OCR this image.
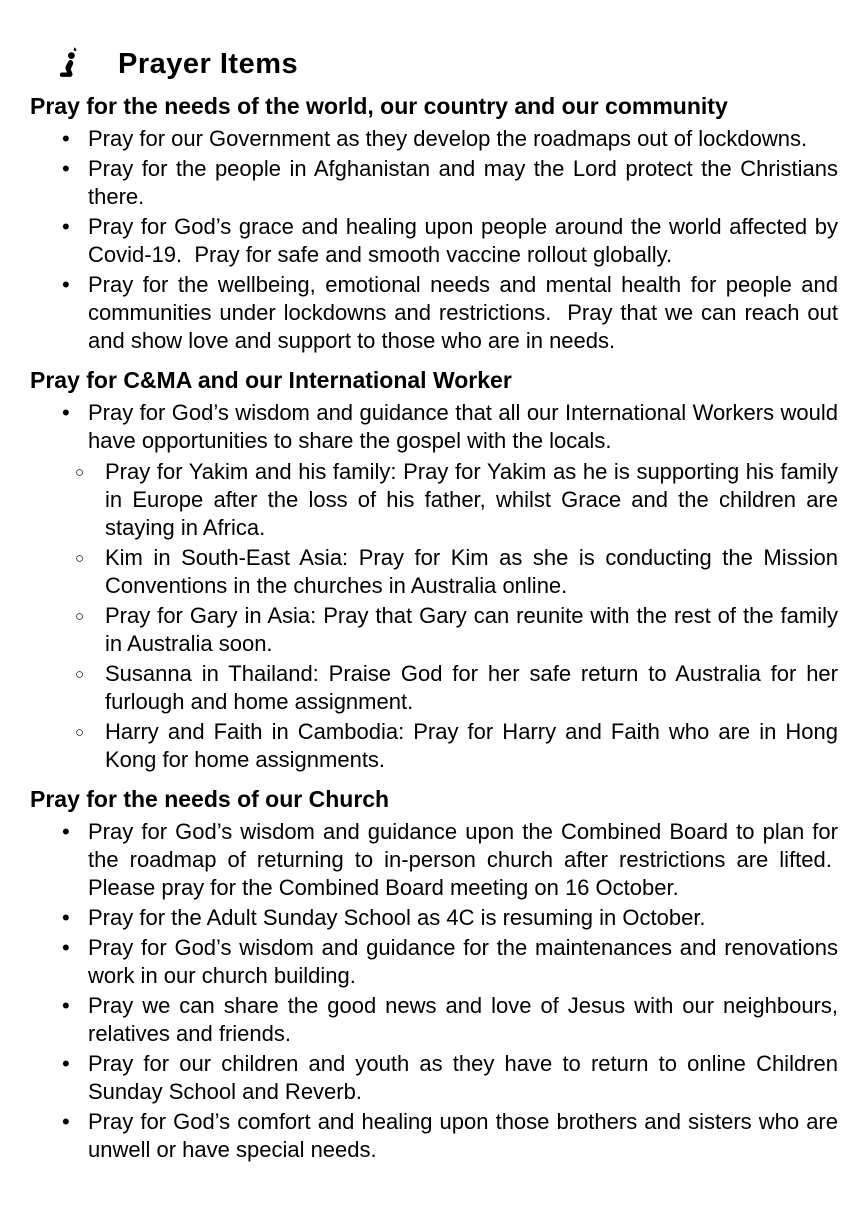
Prayer Items
Pray for the needs of the world, our country and our community
• Pray for our Government as they develop the roadmaps out of lockdowns.
• Pray for the people in Afghanistan and may the Lord protect the Christians there.
• Pray for God’s grace and healing upon people around the world affected by Covid-19.  Pray for safe and smooth vaccine rollout globally.
• Pray for the wellbeing, emotional needs and mental health for people and communities under lockdowns and restrictions.  Pray that we can reach out and show love and support to those who are in needs.
Pray for C&MA and our International Worker
• Pray for God’s wisdom and guidance that all our International Workers would have opportunities to share the gospel with the locals.
○ Pray for Yakim and his family: Pray for Yakim as he is supporting his family in Europe after the loss of his father, whilst Grace and the children are staying in Africa.
○ Kim in South-East Asia: Pray for Kim as she is conducting the Mission Conventions in the churches in Australia online.
○ Pray for Gary in Asia: Pray that Gary can reunite with the rest of the family in Australia soon.
○ Susanna in Thailand: Praise God for her safe return to Australia for her furlough and home assignment.
○ Harry and Faith in Cambodia: Pray for Harry and Faith who are in Hong Kong for home assignments.
Pray for the needs of our Church
• Pray for God’s wisdom and guidance upon the Combined Board to plan for the roadmap of returning to in-person church after restrictions are lifted.  Please pray for the Combined Board meeting on 16 October.
• Pray for the Adult Sunday School as 4C is resuming in October.
• Pray for God’s wisdom and guidance for the maintenances and renovations work in our church building.
• Pray we can share the good news and love of Jesus with our neighbours, relatives and friends.
• Pray for our children and youth as they have to return to online Children Sunday School and Reverb.
• Pray for God’s comfort and healing upon those brothers and sisters who are unwell or have special needs.
